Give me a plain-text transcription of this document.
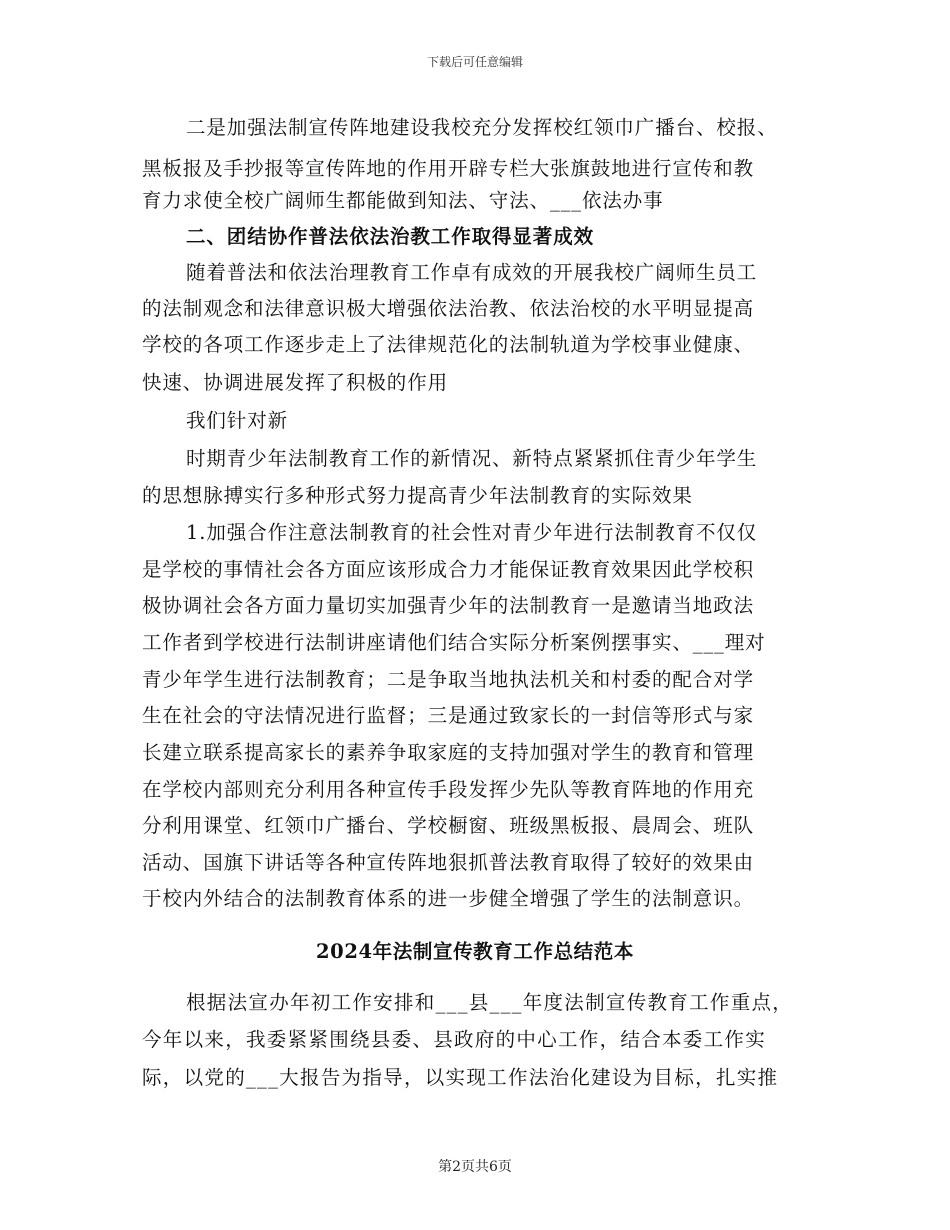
下载后可任意编辑
二是加强法制宣传阵地建设我校充分发挥校红领巾广播台、校报、
黑板报及手抄报等宣传阵地的作用开辟专栏大张旗鼓地进行宣传和教
育力求使全校广阔师生都能做到知法、守法、___依法办事
二、团结协作普法依法治教工作取得显著成效
随着普法和依法治理教育工作卓有成效的开展我校广阔师生员工
的法制观念和法律意识极大增强依法治教、依法治校的水平明显提高
学校的各项工作逐步走上了法律规范化的法制轨道为学校事业健康、
快速、协调进展发挥了积极的作用
我们针对新
时期青少年法制教育工作的新情况、新特点紧紧抓住青少年学生
的思想脉搏实行多种形式努力提高青少年法制教育的实际效果
1.加强合作注意法制教育的社会性对青少年进行法制教育不仅仅
是学校的事情社会各方面应该形成合力才能保证教育效果因此学校积
极协调社会各方面力量切实加强青少年的法制教育一是邀请当地政法
工作者到学校进行法制讲座请他们结合实际分析案例摆事实、___理对
青少年学生进行法制教育；二是争取当地执法机关和村委的配合对学
生在社会的守法情况进行监督；三是通过致家长的一封信等形式与家
长建立联系提高家长的素养争取家庭的支持加强对学生的教育和管理
在学校内部则充分利用各种宣传手段发挥少先队等教育阵地的作用充
分利用课堂、红领巾广播台、学校橱窗、班级黑板报、晨周会、班队
活动、国旗下讲话等各种宣传阵地狠抓普法教育取得了较好的效果由
于校内外结合的法制教育体系的进一步健全增强了学生的法制意识。
2024年法制宣传教育工作总结范本
根据法宣办年初工作安排和___县___年度法制宣传教育工作重点，
今年以来，我委紧紧围绕县委、县政府的中心工作，结合本委工作实
际，以党的___大报告为指导，以实现工作法治化建设为目标，扎实推
第2页共6页
